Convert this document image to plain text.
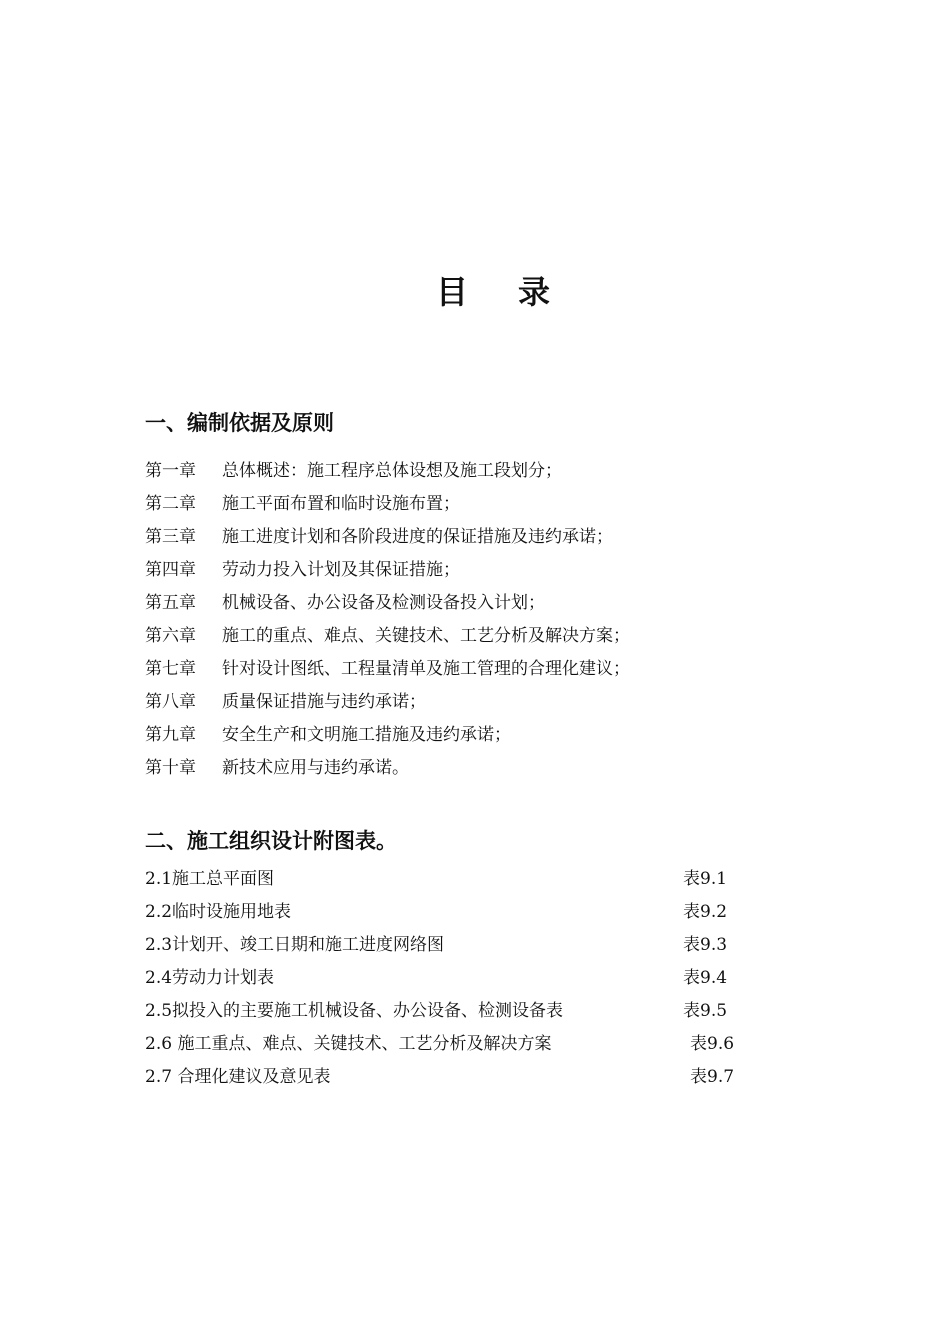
目录
一、编制依据及原则
第一章 总体概述：施工程序总体设想及施工段划分；
第二章 施工平面布置和临时设施布置；
第三章 施工进度计划和各阶段进度的保证措施及违约承诺；
第四章 劳动力投入计划及其保证措施；
第五章 机械设备、办公设备及检测设备投入计划；
第六章 施工的重点、难点、关键技术、工艺分析及解决方案；
第七章 针对设计图纸、工程量清单及施工管理的合理化建议；
第八章 质量保证措施与违约承诺；
第九章 安全生产和文明施工措施及违约承诺；
第十章 新技术应用与违约承诺。
二、施工组织设计附图表。
2.1施工总平面图	表9.1
2.2临时设施用地表	表9.2
2.3计划开、竣工日期和施工进度网络图	表9.3
2.4劳动力计划表	表9.4
2.5拟投入的主要施工机械设备、办公设备、检测设备表	表9.5
2.6 施工重点、难点、关键技术、工艺分析及解决方案	表9.6
2.7 合理化建议及意见表	表9.7
